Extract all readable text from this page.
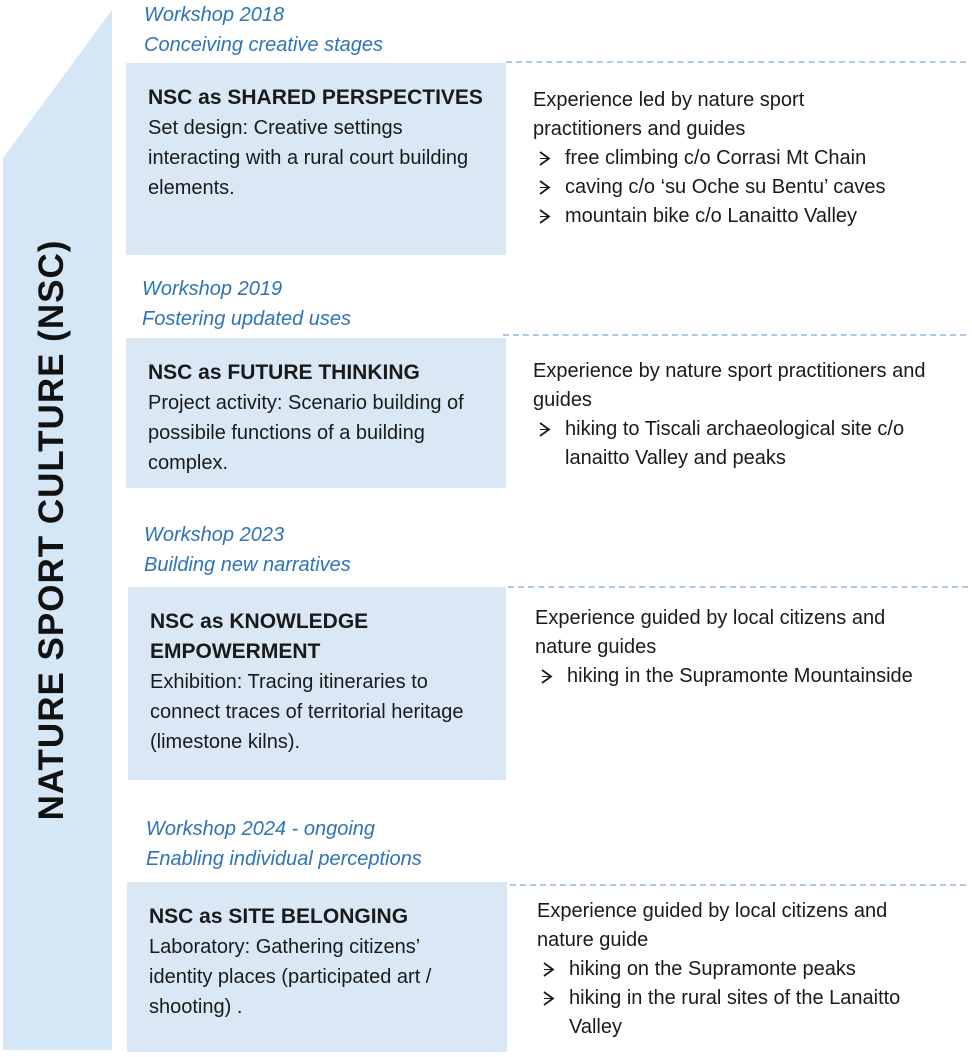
NATURE SPORT CULTURE (NSC)
Workshop 2018
Conceiving creative stages
NSC as SHARED PERSPECTIVES
Set design: Creative settings interacting with a rural court building elements.
Experience led by nature sport practitioners and guides
free climbing c/o Corrasi Mt Chain
caving c/o ‘su Oche su Bentu’ caves
mountain bike c/o Lanaitto Valley
Workshop 2019
Fostering updated uses
NSC as FUTURE THINKING
Project activity: Scenario building of possibile functions of a building complex.
Experience by nature sport practitioners and guides
hiking to Tiscali archaeological site c/o lanaitto Valley and peaks
Workshop 2023
Building new narratives
NSC as KNOWLEDGE EMPOWERMENT
Exhibition: Tracing itineraries to connect traces of territorial heritage (limestone kilns).
Experience guided by local citizens and nature guides
hiking in the Supramonte Mountainside
Workshop 2024 - ongoing
Enabling individual perceptions
NSC as SITE BELONGING
Laboratory: Gathering citizens’ identity places (participated art / shooting) .
Experience guided by local citizens and nature guide
hiking on the Supramonte peaks
hiking in the rural sites of the Lanaitto Valley
